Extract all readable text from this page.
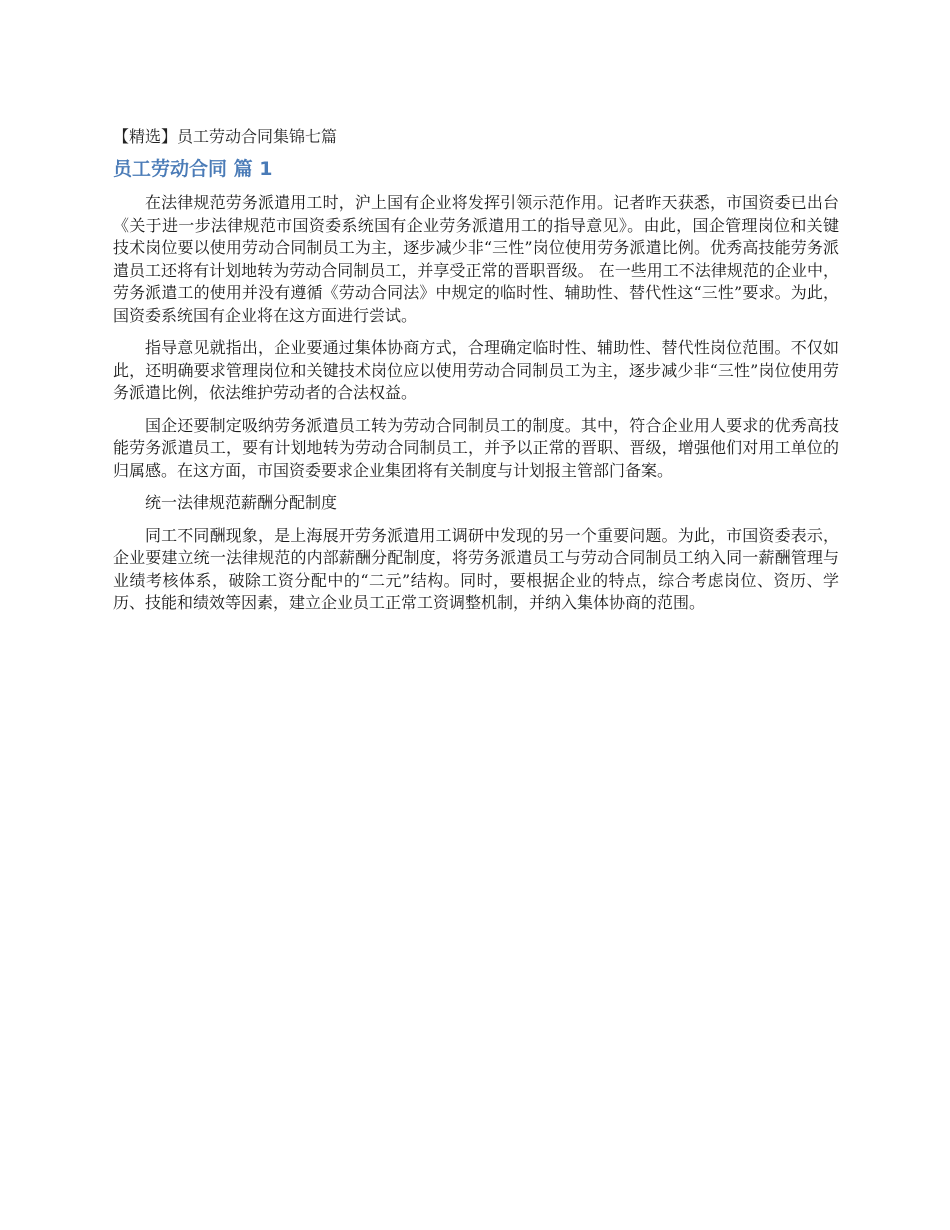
【精选】员工劳动合同集锦七篇
员工劳动合同 篇 1

在法律规范劳务派遣用工时，沪上国有企业将发挥引领示范作用。记者昨天获悉，市国资委已出台《关于进一步法律规范市国资委系统国有企业劳务派遣用工的指导意见》。由此，国企管理岗位和关键技术岗位要以使用劳动合同制员工为主，逐步减少非“三性”岗位使用劳务派遣比例。优秀高技能劳务派遣员工还将有计划地转为劳动合同制员工，并享受正常的晋职晋级。 在一些用工不法律规范的企业中，劳务派遣工的使用并没有遵循《劳动合同法》中规定的临时性、辅助性、替代性这“三性”要求。为此，国资委系统国有企业将在这方面进行尝试。

指导意见就指出，企业要通过集体协商方式，合理确定临时性、辅助性、替代性岗位范围。不仅如此，还明确要求管理岗位和关键技术岗位应以使用劳动合同制员工为主，逐步减少非“三性”岗位使用劳务派遣比例，依法维护劳动者的合法权益。

国企还要制定吸纳劳务派遣员工转为劳动合同制员工的制度。其中，符合企业用人要求的优秀高技能劳务派遣员工，要有计划地转为劳动合同制员工，并予以正常的晋职、晋级，增强他们对用工单位的归属感。在这方面，市国资委要求企业集团将有关制度与计划报主管部门备案。

统一法律规范薪酬分配制度

同工不同酬现象，是上海展开劳务派遣用工调研中发现的另一个重要问题。为此，市国资委表示，企业要建立统一法律规范的内部薪酬分配制度，将劳务派遣员工与劳动合同制员工纳入同一薪酬管理与业绩考核体系，破除工资分配中的“二元”结构。同时，要根据企业的特点，综合考虑岗位、资历、学历、技能和绩效等因素，建立企业员工正常工资调整机制，并纳入集体协商的范围。
